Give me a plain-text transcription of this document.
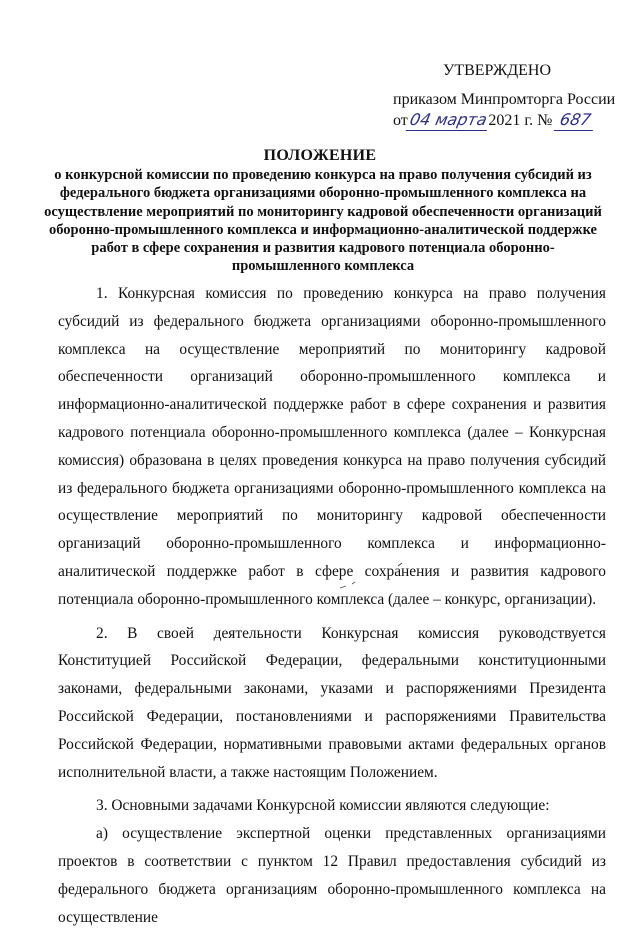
УТВЕРЖДЕНО
приказом Минпромторга России
от04 марта2021 г. № 687
ПОЛОЖЕНИЕ
о конкурсной комиссии по проведению конкурса на право получения субсидий из федерального бюджета организациями оборонно-промышленного комплекса на осуществление мероприятий по мониторингу кадровой обеспеченности организаций оборонно-промышленного комплекса и информационно-аналитической поддержке работ в сфере сохранения и развития кадрового потенциала оборонно-промышленного комплекса

1. Конкурсная комиссия по проведению конкурса на право получения субсидий из федерального бюджета организациями оборонно-промышленного комплекса на осуществление мероприятий по мониторингу кадровой обеспеченности организаций оборонно-промышленного комплекса и информационно-аналитической поддержке работ в сфере сохранения и развития кадрового потенциала оборонно-промышленного комплекса (далее – Конкурсная комиссия) образована в целях проведения конкурса на право получения субсидий из федерального бюджета организациями оборонно-промышленного комплекса на осуществление мероприятий по мониторингу кадровой обеспеченности организаций оборонно-промышленного комплекса и информационно-аналитической поддержке работ в сфере сохранения и развития кадрового потенциала оборонно-промышленного комплекса (далее – конкурс, организации).

2. В своей деятельности Конкурсная комиссия руководствуется Конституцией Российской Федерации, федеральными конституционными законами, федеральными законами, указами и распоряжениями Президента Российской Федерации, постановлениями и распоряжениями Правительства Российской Федерации, нормативными правовыми актами федеральных органов исполнительной власти, а также настоящим Положением.

3. Основными задачами Конкурсной комиссии являются следующие:

а) осуществление экспертной оценки представленных организациями проектов в соответствии с пунктом 12 Правил предоставления субсидий из федерального бюджета организациям оборонно-промышленного комплекса на осуществление
